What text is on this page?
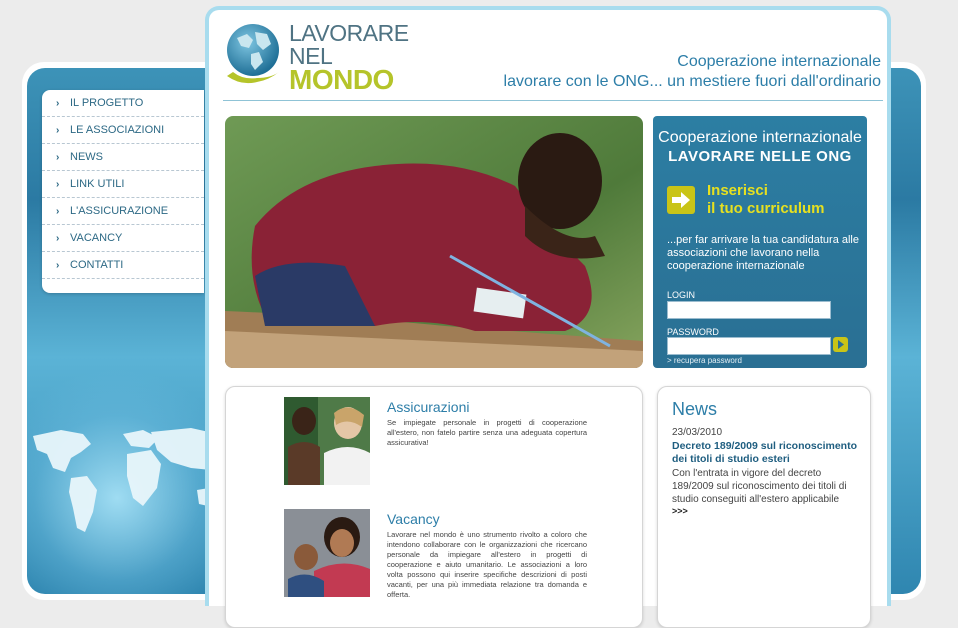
› IL PROGETTO
› LE ASSOCIAZIONI
› NEWS
› LINK UTILI
› L'ASSICURAZIONE
› VACANCY
› CONTATTI
LAVORARE
NEL
MONDO
Cooperazione internazionale
lavorare con le ONG... un mestiere fuori dall'ordinario
Cooperazione internazionale
LAVORARE NELLE ONG
Inserisci
il tuo curriculum
...per far arrivare la tua candidatura alle associazioni che lavorano nella cooperazione internazionale
LOGIN
PASSWORD
> recupera password
Assicurazioni
Se impiegate personale in progetti di cooperazione all'estero, non fatelo partire senza una adeguata copertura assicurativa!
Vacancy
Lavorare nel mondo è uno strumento rivolto a coloro che intendono collaborare con le organizzazioni che ricercano personale da impiegare all'estero in progetti di cooperazione e aiuto umanitario. Le associazioni a loro volta possono qui inserire specifiche descrizioni di posti vacanti, per una più immediata relazione tra domanda e offerta.
News
23/03/2010
Decreto 189/2009 sul riconoscimento dei titoli di studio esteri
Con l'entrata in vigore del decreto 189/2009 sul riconoscimento dei titoli di studio conseguiti all'estero applicabile
>>>
